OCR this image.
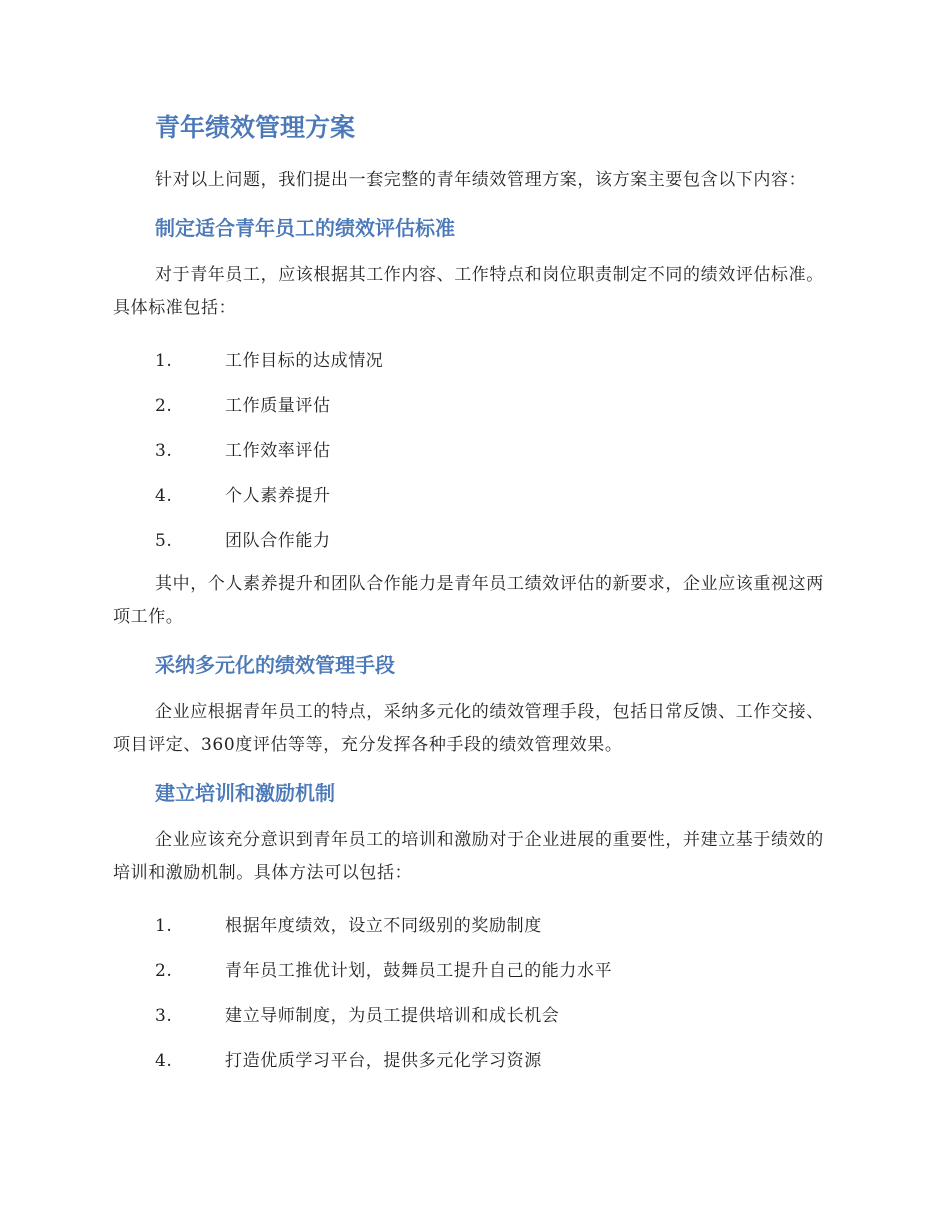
青年绩效管理方案

针对以上问题，我们提出一套完整的青年绩效管理方案，该方案主要包含以下内容：

制定适合青年员工的绩效评估标准

对于青年员工，应该根据其工作内容、工作特点和岗位职责制定不同的绩效评估标准。具体标准包括：

1.	工作目标的达成情况
2.	工作质量评估
3.	工作效率评估
4.	个人素养提升
5.	团队合作能力

其中，个人素养提升和团队合作能力是青年员工绩效评估的新要求，企业应该重视这两项工作。

采纳多元化的绩效管理手段

企业应根据青年员工的特点，采纳多元化的绩效管理手段，包括日常反馈、工作交接、项目评定、360度评估等等，充分发挥各种手段的绩效管理效果。

建立培训和激励机制

企业应该充分意识到青年员工的培训和激励对于企业进展的重要性，并建立基于绩效的培训和激励机制。具体方法可以包括：

1.	根据年度绩效，设立不同级别的奖励制度
2.	青年员工推优计划，鼓舞员工提升自己的能力水平
3.	建立导师制度，为员工提供培训和成长机会
4.	打造优质学习平台，提供多元化学习资源
